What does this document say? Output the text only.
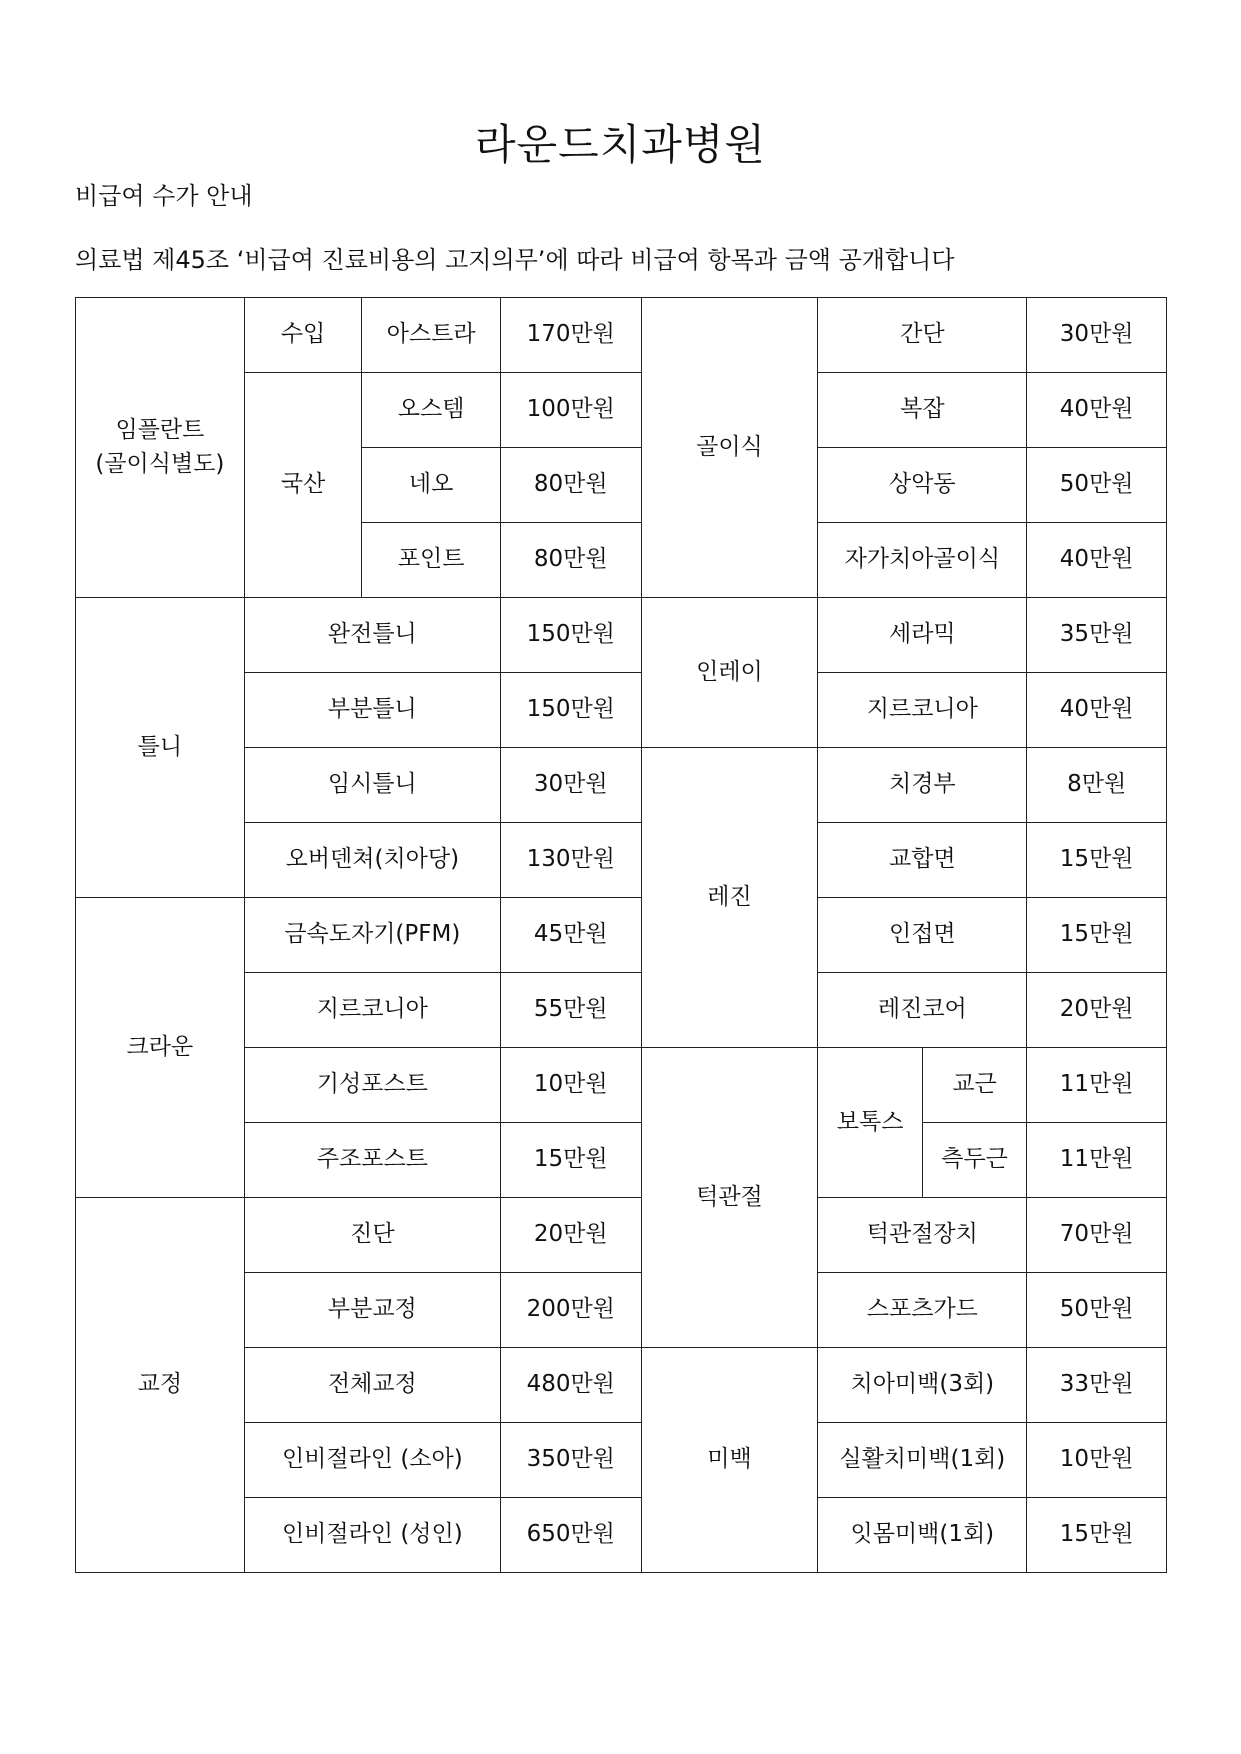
라운드치과병원
비급여 수가 안내
의료법 제45조 ‘비급여 진료비용의 고지의무’에 따라 비급여 항목과 금액 공개합니다
임플란트
(골이식별도)	수입	아스트라	170만원	골이식	간단		30만원
	국산	오스템	100만원		복잡		40만원
		네오	80만원		상악동		50만원
		포인트	80만원		자가치아골이식		40만원
틀니	완전틀니		150만원	인레이	세라믹		35만원
	부분틀니		150만원		지르코니아		40만원
	임시틀니		30만원	레진	치경부		8만원
	오버덴쳐(치아당)		130만원		교합면		15만원
크라운	금속도자기(PFM)		45만원		인접면		15만원
	지르코니아		55만원		레진코어		20만원
	기성포스트		10만원	턱관절	보톡스	교근	11만원
	주조포스트		15만원			측두근	11만원
교정	진단		20만원		턱관절장치		70만원
	부분교정		200만원		스포츠가드		50만원
	전체교정		480만원	미백	치아미백(3회)		33만원
	인비절라인 (소아)		350만원		실활치미백(1회)		10만원
	인비절라인 (성인)		650만원		잇몸미백(1회)		15만원
